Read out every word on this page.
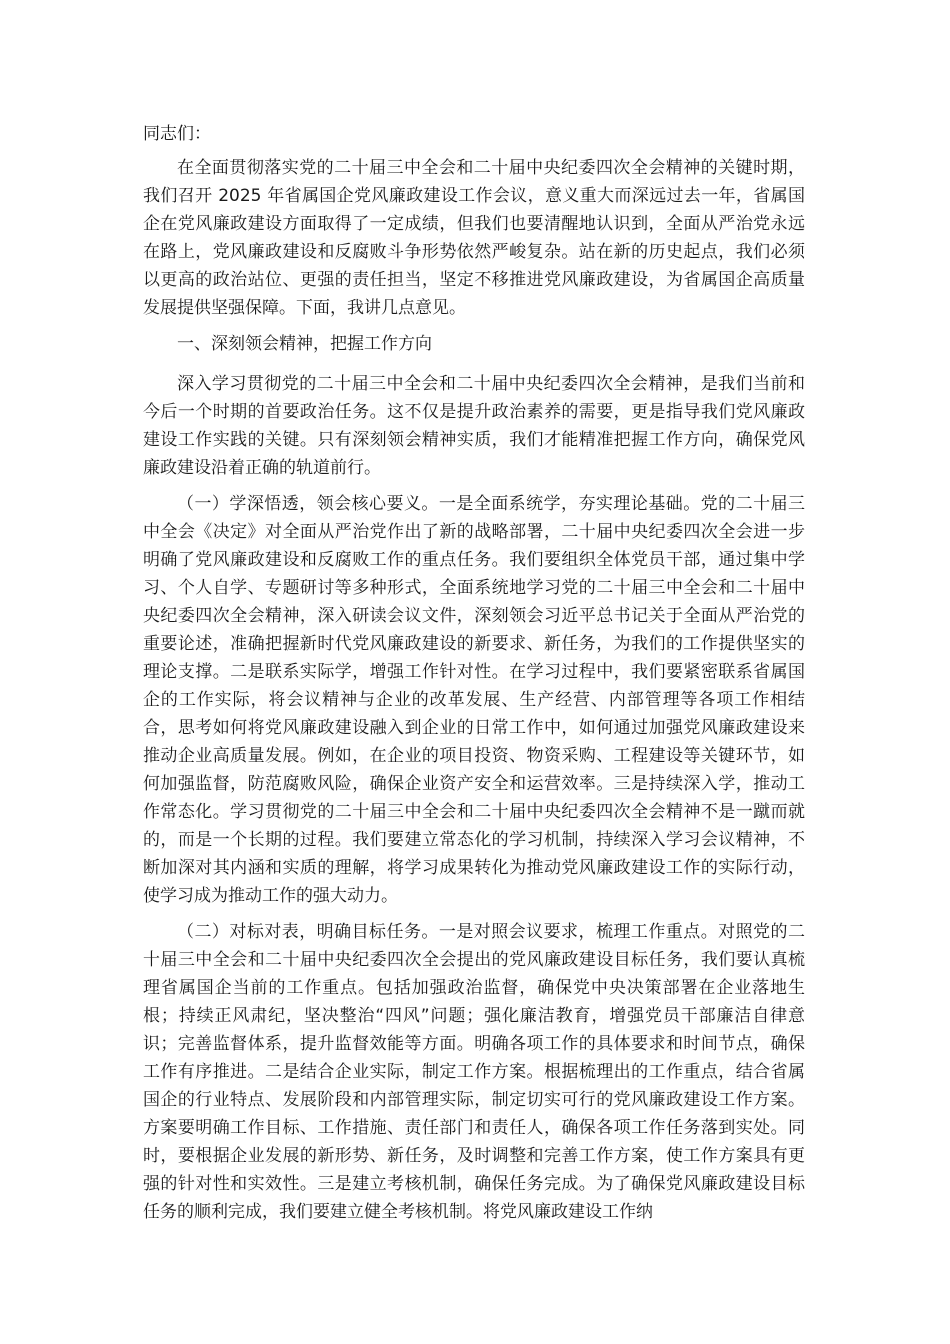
同志们：

在全面贯彻落实党的二十届三中全会和二十届中央纪委四次全会精神的关键时期，我们召开 2025 年省属国企党风廉政建设工作会议，意义重大而深远过去一年，省属国企在党风廉政建设方面取得了一定成绩，但我们也要清醒地认识到，全面从严治党永远在路上，党风廉政建设和反腐败斗争形势依然严峻复杂。站在新的历史起点，我们必须以更高的政治站位、更强的责任担当，坚定不移推进党风廉政建设，为省属国企高质量发展提供坚强保障。下面，我讲几点意见。

一、深刻领会精神，把握工作方向

深入学习贯彻党的二十届三中全会和二十届中央纪委四次全会精神，是我们当前和今后一个时期的首要政治任务。这不仅是提升政治素养的需要，更是指导我们党风廉政建设工作实践的关键。只有深刻领会精神实质，我们才能精准把握工作方向，确保党风廉政建设沿着正确的轨道前行。

（一）学深悟透，领会核心要义。一是全面系统学，夯实理论基础。党的二十届三中全会《决定》对全面从严治党作出了新的战略部署，二十届中央纪委四次全会进一步明确了党风廉政建设和反腐败工作的重点任务。我们要组织全体党员干部，通过集中学习、个人自学、专题研讨等多种形式，全面系统地学习党的二十届三中全会和二十届中央纪委四次全会精神，深入研读会议文件，深刻领会习近平总书记关于全面从严治党的重要论述，准确把握新时代党风廉政建设的新要求、新任务，为我们的工作提供坚实的理论支撑。二是联系实际学，增强工作针对性。在学习过程中，我们要紧密联系省属国企的工作实际，将会议精神与企业的改革发展、生产经营、内部管理等各项工作相结合，思考如何将党风廉政建设融入到企业的日常工作中，如何通过加强党风廉政建设来推动企业高质量发展。例如，在企业的项目投资、物资采购、工程建设等关键环节，如何加强监督，防范腐败风险，确保企业资产安全和运营效率。三是持续深入学，推动工作常态化。学习贯彻党的二十届三中全会和二十届中央纪委四次全会精神不是一蹴而就的，而是一个长期的过程。我们要建立常态化的学习机制，持续深入学习会议精神，不断加深对其内涵和实质的理解，将学习成果转化为推动党风廉政建设工作的实际行动，使学习成为推动工作的强大动力。

（二）对标对表，明确目标任务。一是对照会议要求，梳理工作重点。对照党的二十届三中全会和二十届中央纪委四次全会提出的党风廉政建设目标任务，我们要认真梳理省属国企当前的工作重点。包括加强政治监督，确保党中央决策部署在企业落地生根；持续正风肃纪，坚决整治“四风”问题；强化廉洁教育，增强党员干部廉洁自律意识；完善监督体系，提升监督效能等方面。明确各项工作的具体要求和时间节点，确保工作有序推进。二是结合企业实际，制定工作方案。根据梳理出的工作重点，结合省属国企的行业特点、发展阶段和内部管理实际，制定切实可行的党风廉政建设工作方案。方案要明确工作目标、工作措施、责任部门和责任人，确保各项工作任务落到实处。同时，要根据企业发展的新形势、新任务，及时调整和完善工作方案，使工作方案具有更强的针对性和实效性。三是建立考核机制，确保任务完成。为了确保党风廉政建设目标任务的顺利完成，我们要建立健全考核机制。将党风廉政建设工作纳
